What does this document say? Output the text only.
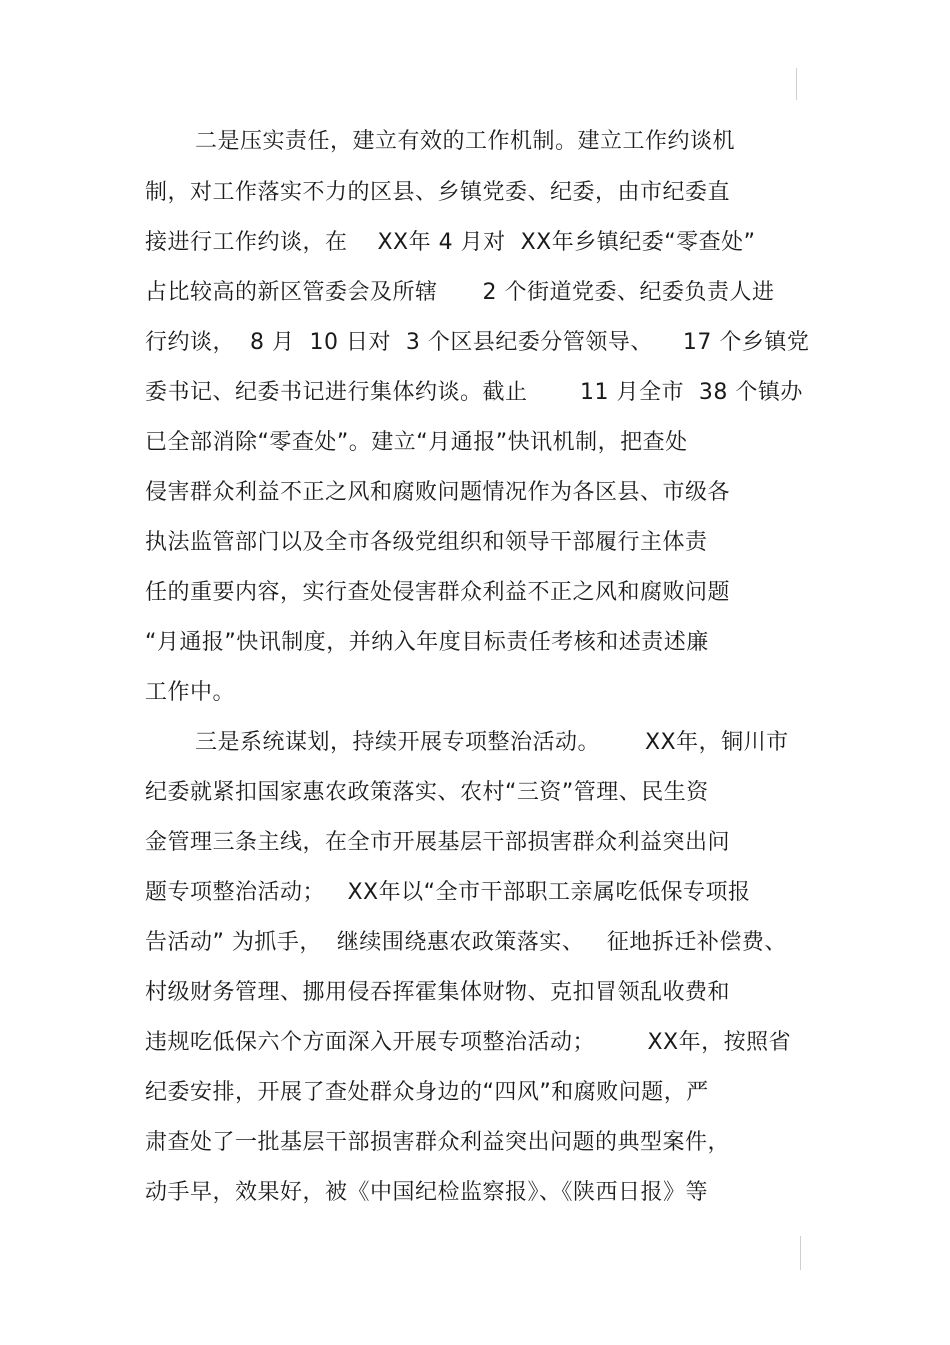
二是压实责任，建立有效的工作机制。建立工作约谈机
制，对工作落实不力的区县、乡镇党委、纪委，由市纪委直
接进行工作约谈，在    XX年 4 月对  XX年乡镇纪委“零查处”
占比较高的新区管委会及所辖      2 个街道党委、纪委负责人进
行约谈，  8 月  10 日对  3 个区县纪委分管领导、    17 个乡镇党
委书记、纪委书记进行集体约谈。截止       11 月全市  38 个镇办
已全部消除“零查处”。建立“月通报”快讯机制，把查处
侵害群众利益不正之风和腐败问题情况作为各区县、市级各
执法监管部门以及全市各级党组织和领导干部履行主体责
任的重要内容，实行查处侵害群众利益不正之风和腐败问题
“月通报”快讯制度，并纳入年度目标责任考核和述责述廉
工作中。
三是系统谋划，持续开展专项整治活动。      XX年，铜川市
纪委就紧扣国家惠农政策落实、农村“三资”管理、民生资
金管理三条主线，在全市开展基层干部损害群众利益突出问
题专项整治活动；   XX年以“全市干部职工亲属吃低保专项报
告活动” 为抓手，  继续围绕惠农政策落实、   征地拆迁补偿费、
村级财务管理、挪用侵吞挥霍集体财物、克扣冒领乱收费和
违规吃低保六个方面深入开展专项整治活动；       XX年，按照省
纪委安排，开展了查处群众身边的“四风”和腐败问题，严
肃查处了一批基层干部损害群众利益突出问题的典型案件，
动手早，效果好，被《中国纪检监察报》、《陕西日报》等
